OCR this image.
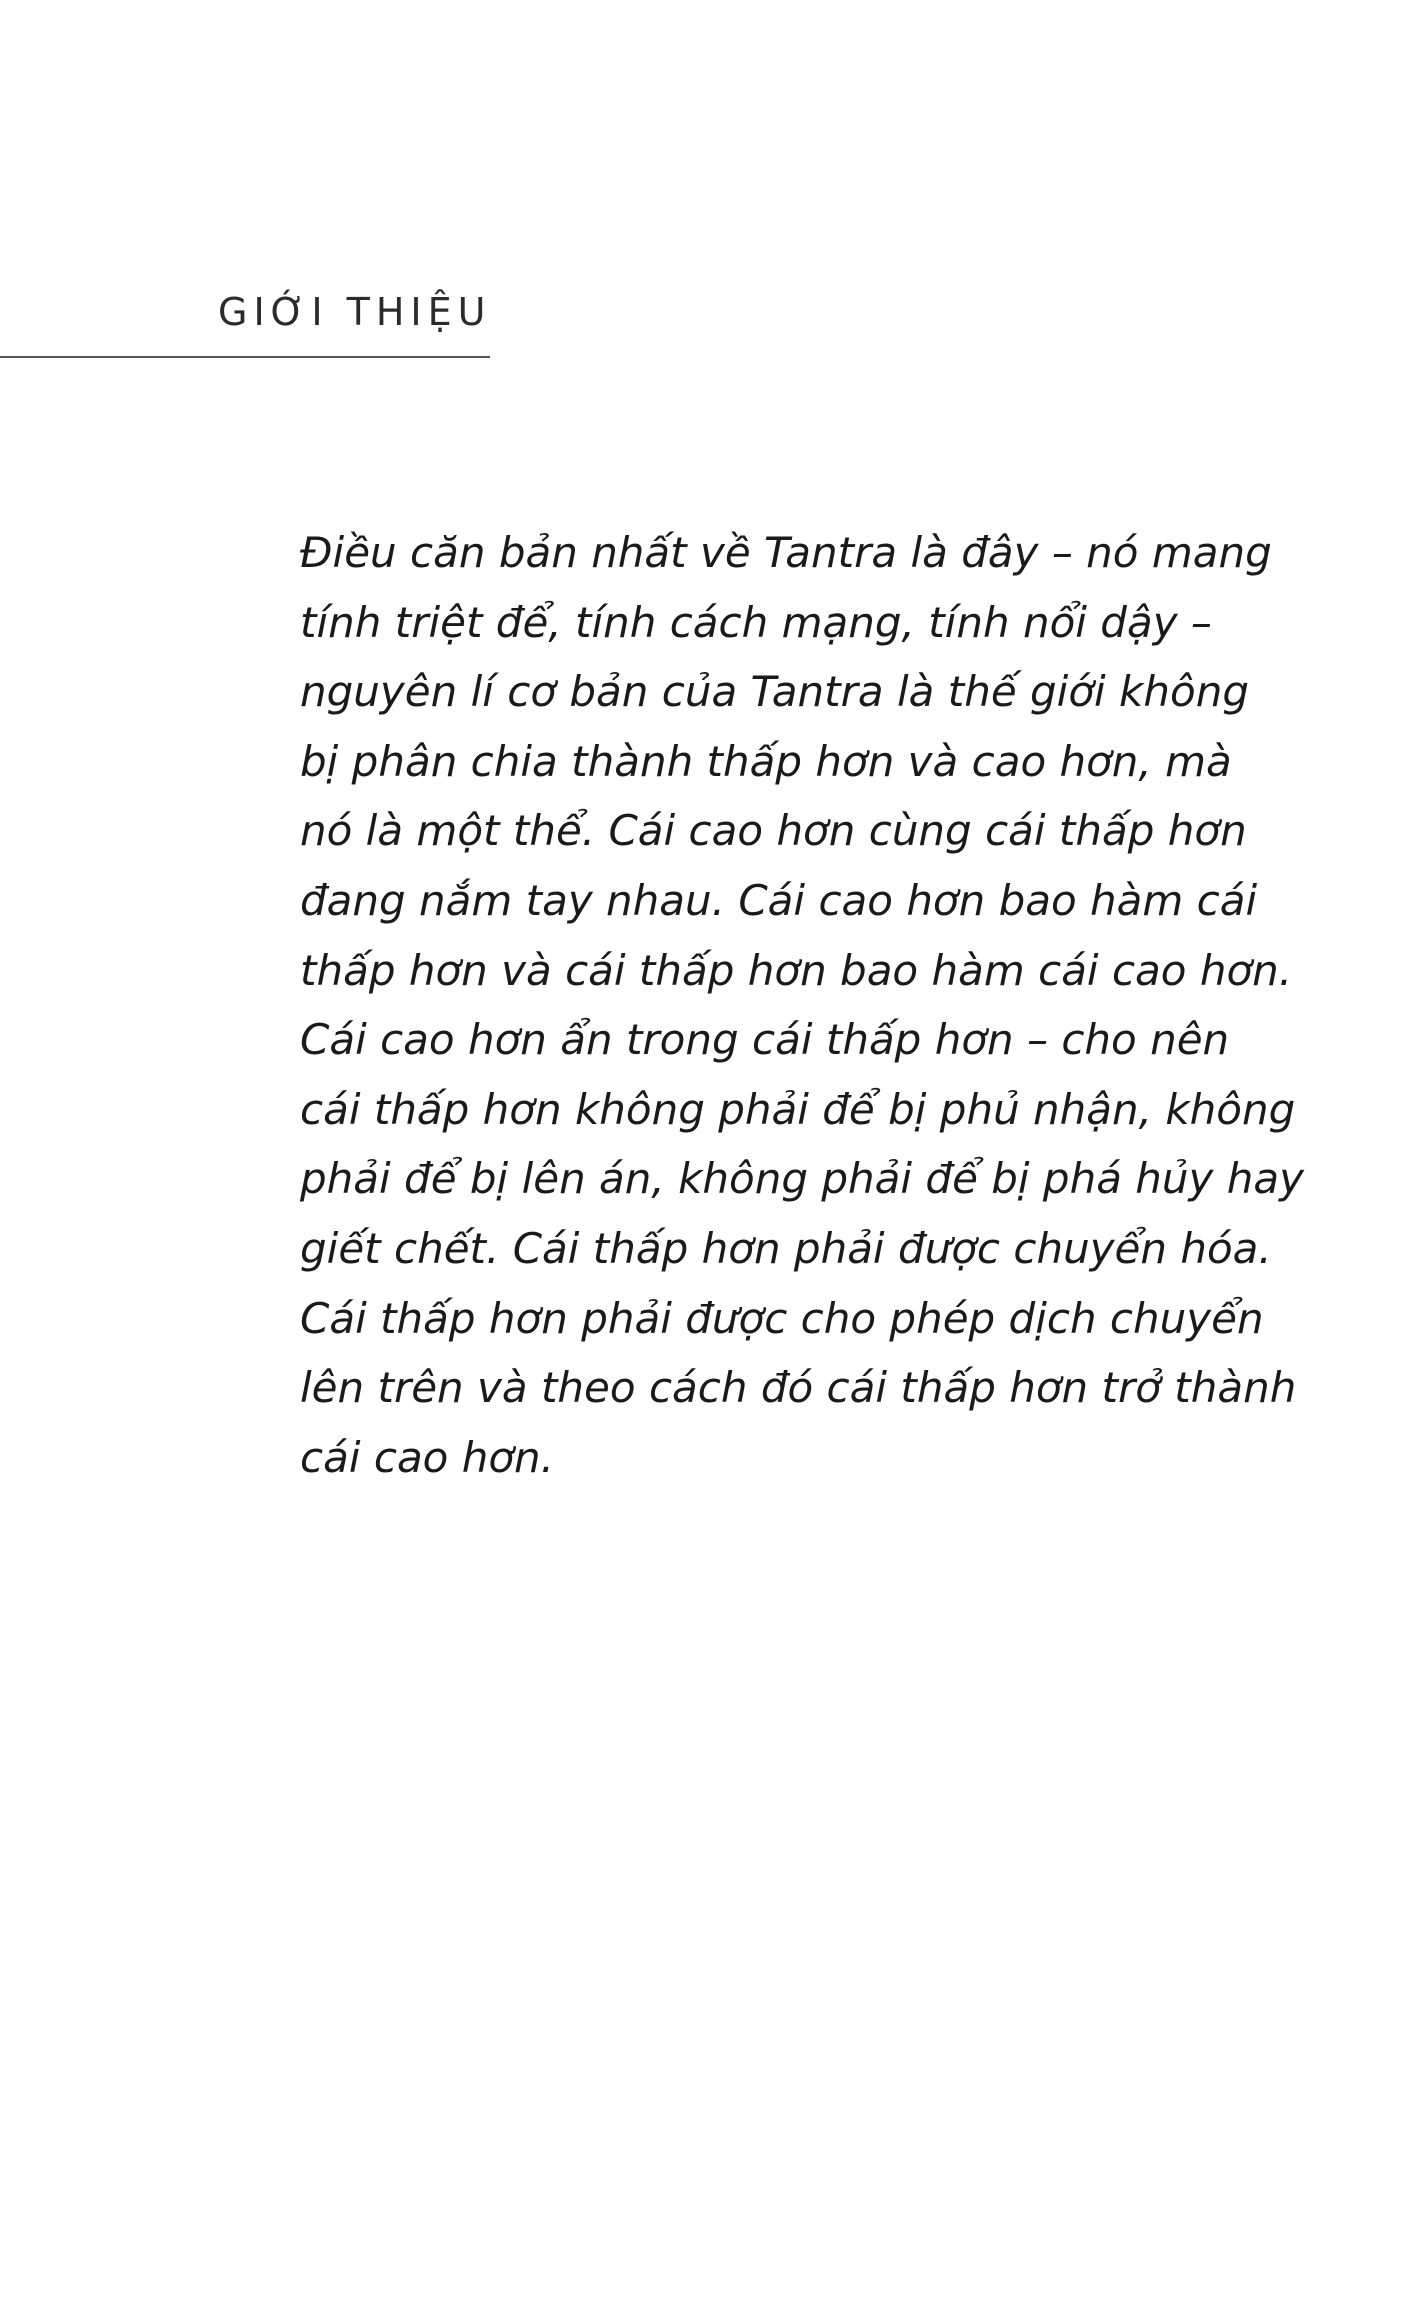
GIỚI THIỆU
Điều căn bản nhất về Tantra là đây – nó mang
tính triệt để, tính cách mạng, tính nổi dậy –
nguyên lí cơ bản của Tantra là thế giới không
bị phân chia thành thấp hơn và cao hơn, mà
nó là một thể. Cái cao hơn cùng cái thấp hơn
đang nắm tay nhau. Cái cao hơn bao hàm cái
thấp hơn và cái thấp hơn bao hàm cái cao hơn.
Cái cao hơn ẩn trong cái thấp hơn – cho nên
cái thấp hơn không phải để bị phủ nhận, không
phải để bị lên án, không phải để bị phá hủy hay
giết chết. Cái thấp hơn phải được chuyển hóa.
Cái thấp hơn phải được cho phép dịch chuyển
lên trên và theo cách đó cái thấp hơn trở thành
cái cao hơn.
